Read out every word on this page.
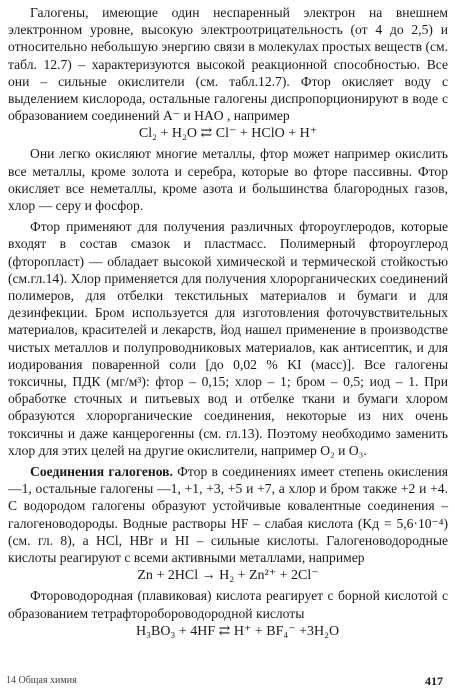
Галогены, имеющие один неспаренный электрон на внешнем электронном уровне, высокую электроотрицательность (от 4 до 2,5) и относительно небольшую энергию связи в молекулах простых веществ (см. табл. 12.7) – характеризуются высокой реакционной способностью. Все они – сильные окислители (см. табл.12.7). Фтор окисляет воду с выделением кислорода, остальные галогены диспропорционируют в воде с образованием соединений A⁻ и HAO , например

Cl₂ + H₂O ⇄ Cl⁻ + HClO + H⁺

Они легко окисляют многие металлы, фтор может например окислить все металлы, кроме золота и серебра, которые во фторе пассивны. Фтор окисляет все неметаллы, кроме азота и большинства благородных газов, хлор — серу и фосфор.

Фтор применяют для получения различных фтороуглеродов, которые входят в состав смазок и пластмасс. Полимерный фтороуглерод (фторопласт) — обладает высокой химической и термической стойкостью (см.гл.14). Хлор применяется для получения хлорорганических соединений полимеров, для отбелки текстильных материалов и бумаги и для дезинфекции. Бром используется для изготовления фоточувствительных материалов, красителей и лекарств, йод нашел применение в производстве чистых металлов и полупроводниковых материалов, как антисептик, и для иодирования поваренной соли [до 0,02 % KI (масс)]. Все галогены токсичны, ПДК (мг/м³): фтор – 0,15; хлор – 1; бром – 0,5; иод – 1. При обработке сточных и питьевых вод и отбелке ткани и бумаги хлором образуются хлорорганические соединения, некоторые из них очень токсичны и даже канцерогенны (см. гл.13). Поэтому необходимо заменить хлор для этих целей на другие окислители, например O₂ и O₃.

Соединения галогенов. Фтор в соединениях имеет степень окисления —1, остальные галогены —1, +1, +3, +5 и +7, а хлор и бром также +2 и +4. С водородом галогены образуют устойчивые ковалентные соединения – галогеноводороды. Водные растворы HF – слабая кислота (Kд = 5,6·10⁻⁴) (см. гл. 8), а HCl, HBr и HI – сильные кислоты. Галогеноводородные кислоты реагируют с всеми активными металлами, например

Zn + 2HCl → H₂ + Zn²⁺ + 2Cl⁻

Фтороводородная (плавиковая) кислота реагирует с борной кислотой с образованием тетрафтороборoводородной кислоты

H₃BO₃ + 4HF ⇄ H⁺ + BF₄⁻ +3H₂O
14 Общая химия	417
